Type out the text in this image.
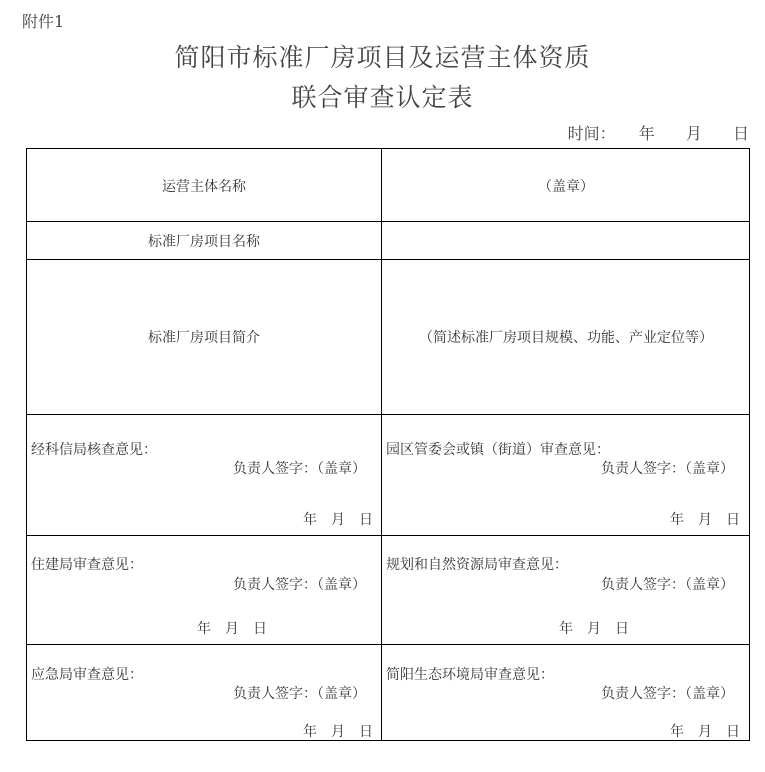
附件1
简阳市标准厂房项目及运营主体资质
联合审查认定表
时间： 年 月 日
运营主体名称	（盖章）
标准厂房项目名称
标准厂房项目简介	（简述标准厂房项目规模、功能、产业定位等）
经科信局核查意见：
负责人签字：（盖章）
年 月 日
园区管委会或镇（街道）审查意见：
负责人签字：（盖章）
年 月 日
住建局审查意见：
负责人签字：（盖章）
年 月 日
规划和自然资源局审查意见：
负责人签字：（盖章）
年 月 日
应急局审查意见：
负责人签字：（盖章）
年 月 日
简阳生态环境局审查意见：
负责人签字：（盖章）
年 月 日
